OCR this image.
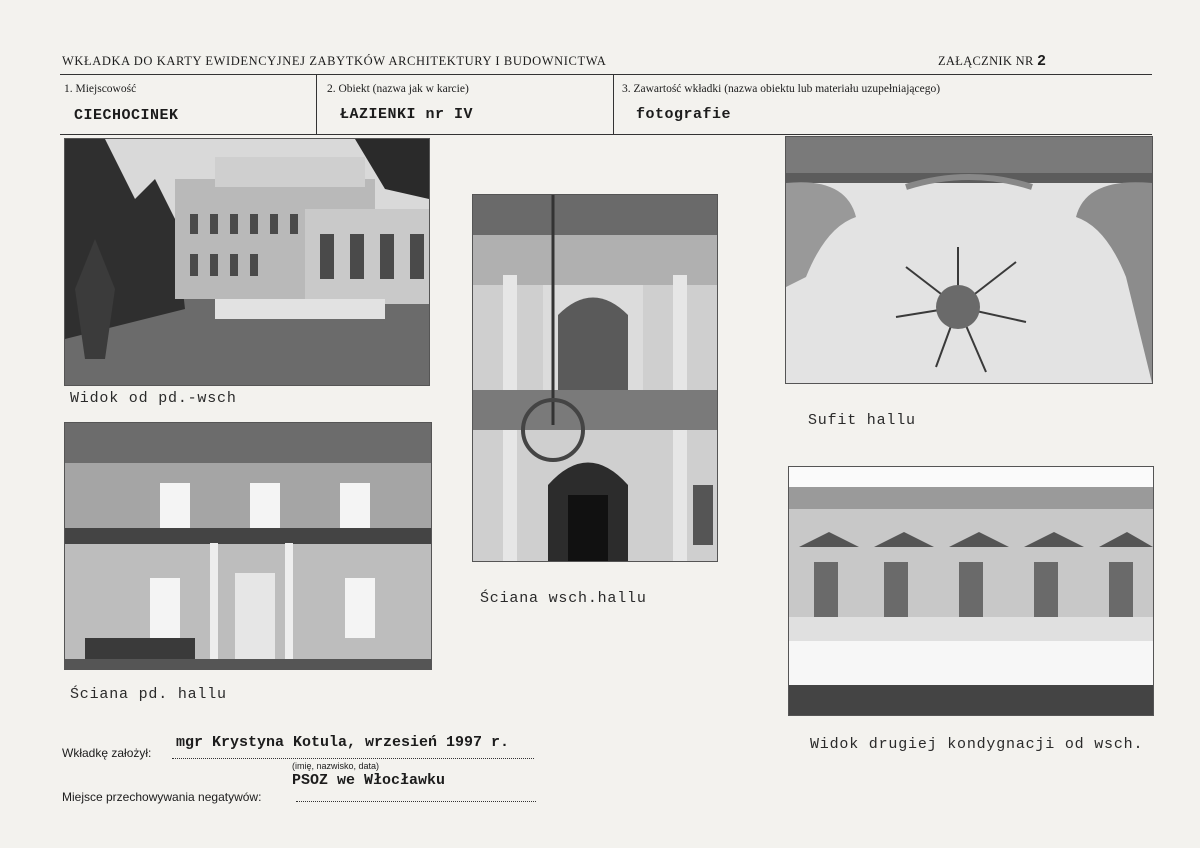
WKŁADKA DO KARTY EWIDENCYJNEJ ZABYTKÓW ARCHITEKTURY I BUDOWNICTWA	ZAŁĄCZNIK NR 2
1. Miejscowość
CIECHOCINEK
2. Obiekt (nazwa jak w karcie)
ŁAZIENKI nr IV
3. Zawartość wkładki (nazwa obiektu lub materiału uzupełniającego)
fotografie
Widok od pd.-wsch
Ściana wsch.hallu
Sufit hallu
Ściana pd. hallu
Widok drugiej kondygnacji od wsch.
Wkładkę założył:
mgr Krystyna Kotula, wrzesień 1997 r.
(imię, nazwisko, data)
Miejsce przechowywania negatywów:
PSOZ we Włocławku
